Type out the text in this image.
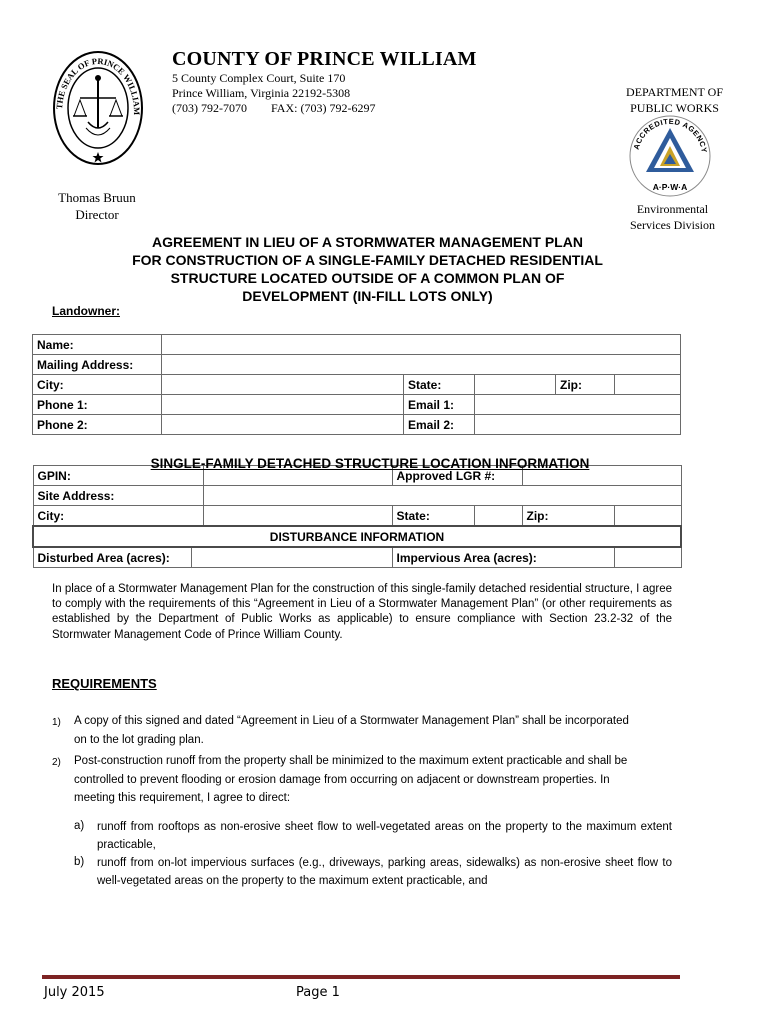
THE SEAL OF PRINCE WILLIAM
COUNTY OF PRINCE WILLIAM
5 County Complex Court, Suite 170
Prince William, Virginia 22192-5308
(703) 792-7070 FAX: (703) 792-6297
DEPARTMENT OF
PUBLIC WORKS
ACCREDITED AGENCY
A·P·W·A
Environmental
Services Division
Thomas Bruun
Director
AGREEMENT IN LIEU OF A STORMWATER MANAGEMENT PLAN
FOR CONSTRUCTION OF A SINGLE-FAMILY DETACHED RESIDENTIAL
STRUCTURE LOCATED OUTSIDE OF A COMMON PLAN OF
DEVELOPMENT (IN-FILL LOTS ONLY)
Landowner:
Name:					
Mailing Address:					
City:		State:		Zip:	
Phone 1:		Email 1:			
Phone 2:		Email 2:			
GPIN:			Approved LGR #:			
Site Address:						
City:			State:		Zip:	
DISTURBANCE INFORMATION						
Disturbed Area (acres):			Impervious Area (acres):			
SINGLE-FAMILY DETACHED STRUCTURE LOCATION INFORMATION
In place of a Stormwater Management Plan for the construction of this single-family detached residential structure, I agree to comply with the requirements of this “Agreement in Lieu of a Stormwater Management Plan” (or other requirements as established by the Department of Public Works as applicable) to ensure compliance with Section 23.2-32 of the Stormwater Management Code of Prince William County.
REQUIREMENTS
1) A copy of this signed and dated “Agreement in Lieu of a Stormwater Management Plan” shall be incorporated on to the lot grading plan.
2) Post-construction runoff from the property shall be minimized to the maximum extent practicable and shall be controlled to prevent flooding or erosion damage from occurring on adjacent or downstream properties. In meeting this requirement, I agree to direct:
a) runoff from rooftops as non-erosive sheet flow to well-vegetated areas on the property to the maximum extent practicable,
b) runoff from on-lot impervious surfaces (e.g., driveways, parking areas, sidewalks) as non-erosive sheet flow to well-vegetated areas on the property to the maximum extent practicable, and
July 2015	Page 1
